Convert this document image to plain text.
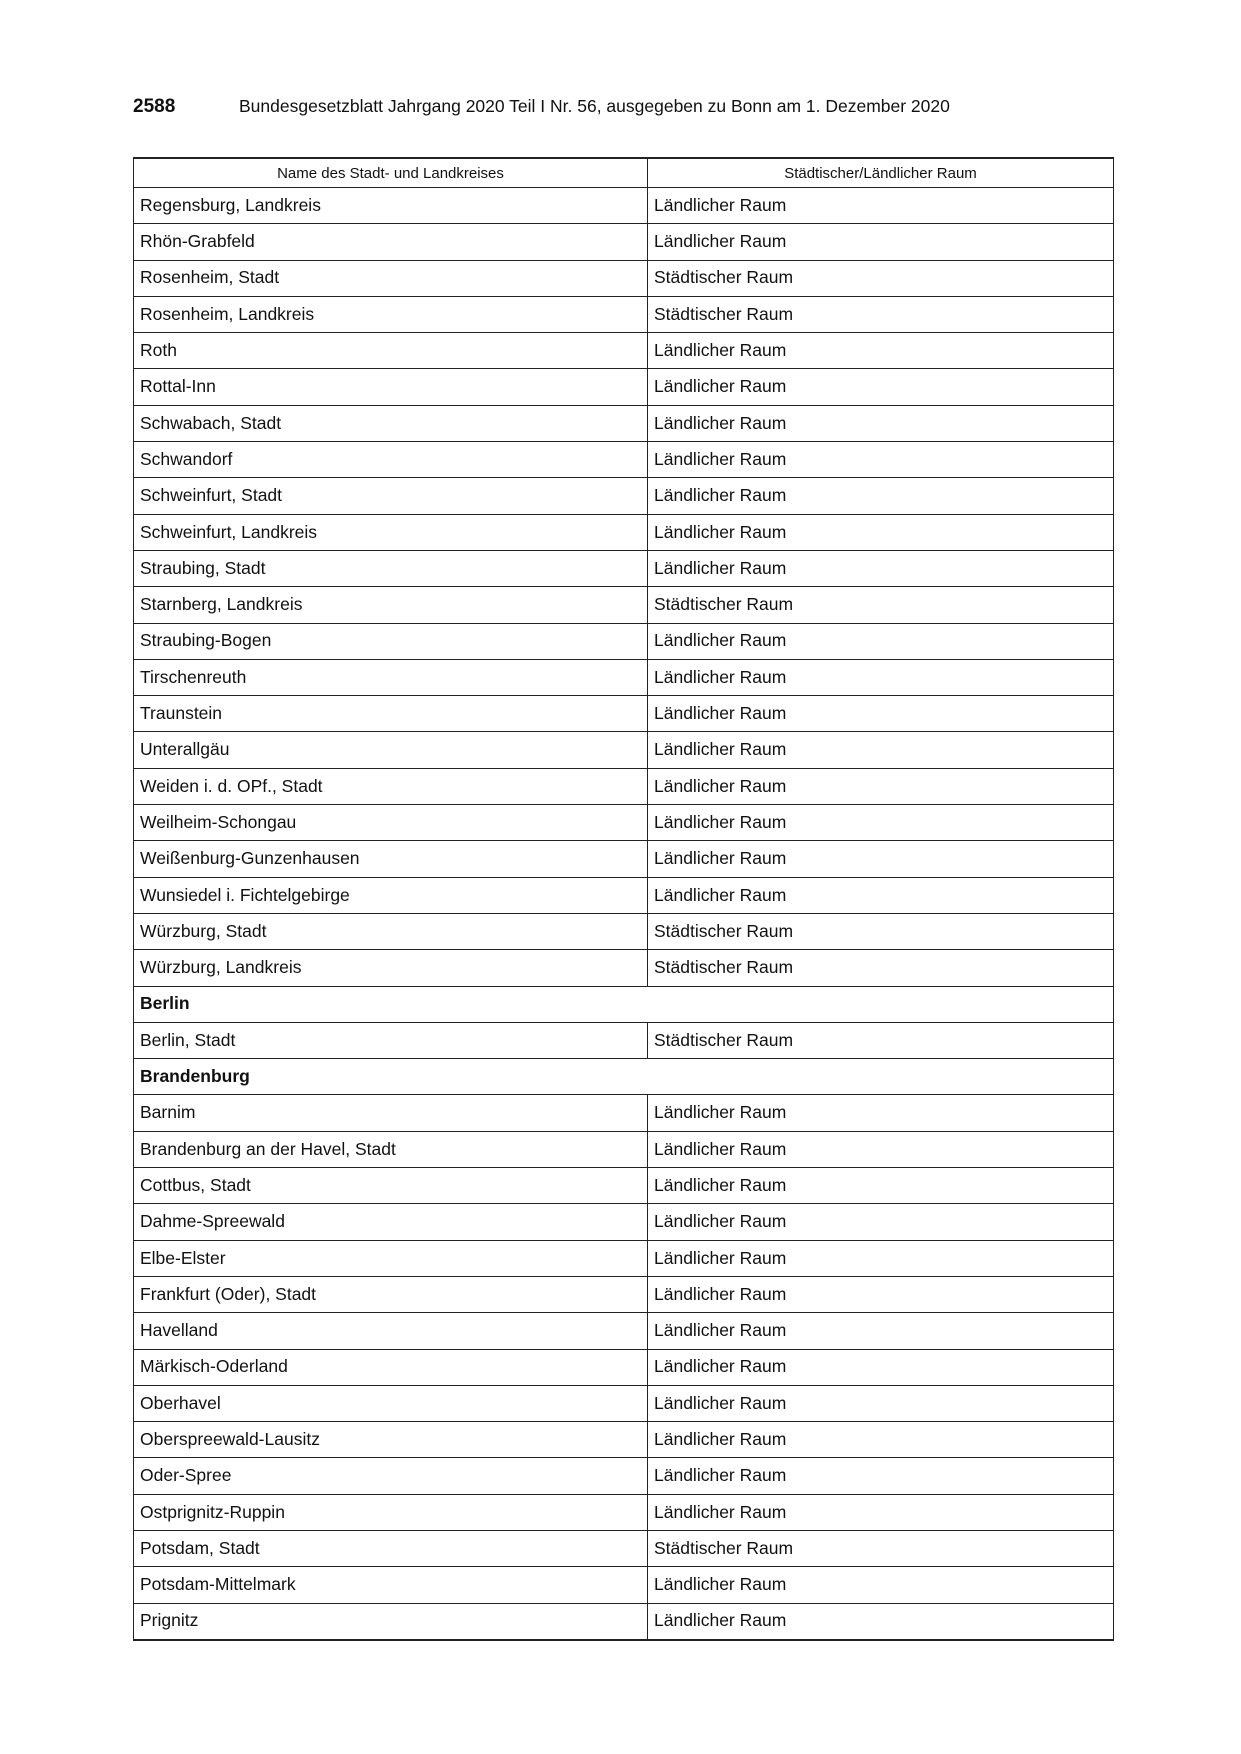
2588	Bundesgesetzblatt Jahrgang 2020 Teil I Nr. 56, ausgegeben zu Bonn am 1. Dezember 2020
Name des Stadt- und Landkreises	Städtischer/Ländlicher Raum
Regensburg, Landkreis	Ländlicher Raum
Rhön-Grabfeld	Ländlicher Raum
Rosenheim, Stadt	Städtischer Raum
Rosenheim, Landkreis	Städtischer Raum
Roth	Ländlicher Raum
Rottal-Inn	Ländlicher Raum
Schwabach, Stadt	Ländlicher Raum
Schwandorf	Ländlicher Raum
Schweinfurt, Stadt	Ländlicher Raum
Schweinfurt, Landkreis	Ländlicher Raum
Straubing, Stadt	Ländlicher Raum
Starnberg, Landkreis	Städtischer Raum
Straubing-Bogen	Ländlicher Raum
Tirschenreuth	Ländlicher Raum
Traunstein	Ländlicher Raum
Unterallgäu	Ländlicher Raum
Weiden i. d. OPf., Stadt	Ländlicher Raum
Weilheim-Schongau	Ländlicher Raum
Weißenburg-Gunzenhausen	Ländlicher Raum
Wunsiedel i. Fichtelgebirge	Ländlicher Raum
Würzburg, Stadt	Städtischer Raum
Würzburg, Landkreis	Städtischer Raum
Berlin	
Berlin, Stadt	Städtischer Raum
Brandenburg	
Barnim	Ländlicher Raum
Brandenburg an der Havel, Stadt	Ländlicher Raum
Cottbus, Stadt	Ländlicher Raum
Dahme-Spreewald	Ländlicher Raum
Elbe-Elster	Ländlicher Raum
Frankfurt (Oder), Stadt	Ländlicher Raum
Havelland	Ländlicher Raum
Märkisch-Oderland	Ländlicher Raum
Oberhavel	Ländlicher Raum
Oberspreewald-Lausitz	Ländlicher Raum
Oder-Spree	Ländlicher Raum
Ostprignitz-Ruppin	Ländlicher Raum
Potsdam, Stadt	Städtischer Raum
Potsdam-Mittelmark	Ländlicher Raum
Prignitz	Ländlicher Raum
